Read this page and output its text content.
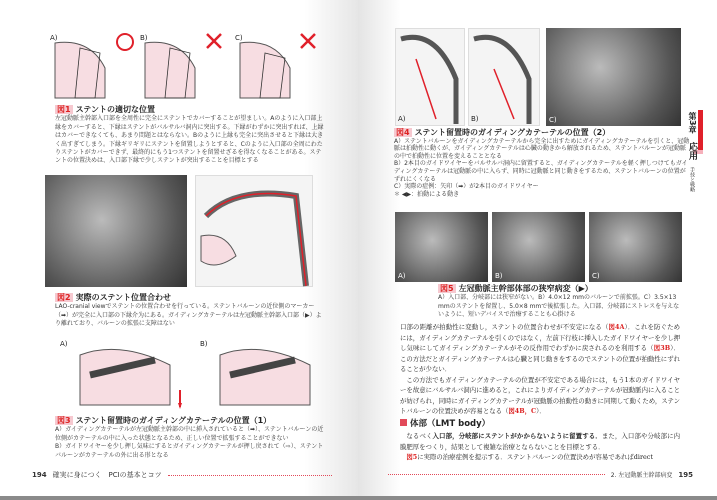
A)	B)	C)
図1 ステントの適切な位置
左冠動脈主幹部入口部を全周性に完全にステントでカバーすることが望ましい。Aのように入口部上縁をカバーすると、下縁はステントがバルサルバ洞内に突出する。下縁がわずかに突出すれば、上縁はカバーできなくても、あまり問題とはならない。Bのように上縁も完全に突出させると下縁は大きく出すぎてしまう。下縁ギリギリにステントを留置しようとすると、Cのように入口部の全周にわたりステントがカバーできず、最終的にもう1つステントを留置せざるを得なくなることがある。ステントの位置決めは、入口部下縁で少しステントが突出することを目標とする
図2 実際のステント位置合わせ
LAO-cranial viewでステントの位置合わせを行っている。ステントバルーンの近位側のマーカー（➡）が完全に入口部の下縁介为にある。ガイディングカテーテルは左冠動脈主幹部入口部（▶）より離れており、バルーンの拡張に支障はない
A)	B)
図3 ステント留置時のガイディングカテーテルの位置（1）
A）ガイディングカテーテルが左冠動脈主幹部の中に挿入されていると（➡）、ステントバルーンの近位側がカテーテルの中に入った状態となるため、正しい位置で拡張することができない
B）ガイドワイヤーを少し押し気味にするとガイディングカテーテルが押し戻されて（⇨）、ステントバルーンがカテーテルの外に出る形となる
194 確実に身につく　PCIの基本とコツ
A)	B)	C)
図4 ステント留置時のガイディングカテーテルの位置（2）
A）ステントバルーンをガイディングカテーテルから完全に出すためにガイディングカテーテルを引くと、冠動脈は拍動性に動くが、ガイディングカテーテルは心臓の動きから解放されるため、ステントバルーンが冠動脈の中で拍動性に位置を変えることとなる
B）2本目のガイドワイヤーをバルサルバ洞内に留置すると、ガイディングカテーテルを軽く押しつけてもガイディングカテーテルは冠動脈の中に入らず、同時に冠動脈と同じ動きをするため、ステントバルーンの位置がずれにくくなる
C）実際の症例：矢印（➡）が2本目のガイドワイヤー
＊ ◀▶：拍動による動き
A)	B)	C)
図5 左冠動脈主幹部体部の狭窄病変（▶）
A）入口部、分岐部には狭窄がない。B）4.0×12 mmのバルーンで前拡張。C）3.5×13 mmのステントを留置し、5.0×8 mmで後拡張した。入口部、分岐部にストレスを与えないように、短いデバイスで治療することも心掛ける
口部の距離が拍動性に変動し，ステントの位置合わせが不安定になる（図4A）．これを防ぐためには，ガイディングカテーテルを引くのではなく，左前下行枝に挿入したガイドワイヤーを少し押し気味にしてガイディングカテーテルがその反作用でわずかに戻されるのを利用する（図3B）．この方法だとガイディングカテーテルは心臓と同じ動きをするのでステントの位置が拍動性にずれることが少ない．

この方法でもガイディングカテーテルの位置が不安定である場合には，もう1本のガイドワイヤーを故意にバルサルバ洞内に進めると，これによりガイディングカテーテルが冠動脈内に入ることが妨げられ，同時にガイディングカテーテルが冠動脈の拍動性の動きに同期して動くため，ステントバルーンの位置決めが容易となる（図4B，C）．

体部（LMT body）

なるべく入口部，分岐部にステントがかからないように留置する．また，入口部や分岐部に内膜肥厚をつくり，結果として複雑な治療とならないことを目標とする．

図5に実際の治療症例を提示する．ステントバルーンの位置決めが容易であればdirect

第3章 応用 手技と戦略
2. 左冠動脈主幹部病変 195
